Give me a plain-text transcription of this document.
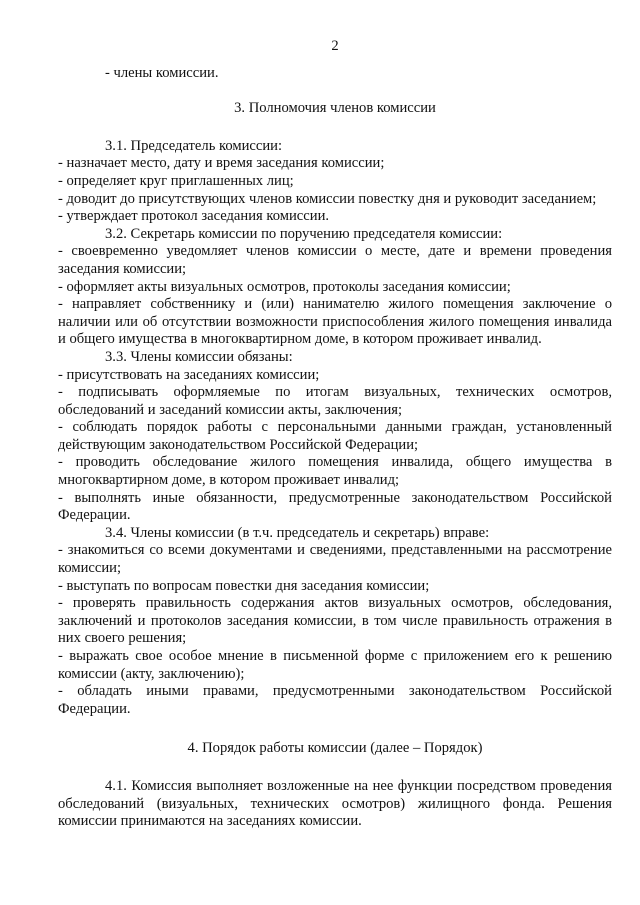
2

- члены комиссии.

3. Полномочия членов комиссии

3.1. Председатель комиссии:

- назначает место, дату и время заседания комиссии;

- определяет круг приглашенных лиц;

- доводит до присутствующих членов комиссии повестку дня и руководит заседанием;

- утверждает протокол заседания комиссии.

3.2. Секретарь комиссии по поручению председателя комиссии:

- своевременно уведомляет членов комиссии о месте, дате и времени проведения заседания комиссии;

- оформляет акты визуальных осмотров, протоколы заседания комиссии;

- направляет собственнику и (или) нанимателю жилого помещения заключение о наличии или об отсутствии возможности приспособления жилого помещения инвалида и общего имущества в многоквартирном доме, в котором проживает инвалид.

3.3. Члены комиссии обязаны:

- присутствовать на заседаниях комиссии;

- подписывать оформляемые по итогам визуальных, технических осмотров, обследований и заседаний комиссии акты, заключения;

- соблюдать порядок работы с персональными данными граждан, установленный действующим законодательством Российской Федерации;

- проводить обследование жилого помещения инвалида, общего имущества в многоквартирном доме, в котором проживает инвалид;

- выполнять иные обязанности, предусмотренные законодательством Российской Федерации.

3.4. Члены комиссии (в т.ч. председатель и секретарь) вправе:

- знакомиться со всеми документами и сведениями, представленными на рассмотрение комиссии;

- выступать по вопросам повестки дня заседания комиссии;

- проверять правильность содержания актов визуальных осмотров, обследования, заключений и протоколов заседания комиссии, в том числе правильность отражения в них своего решения;

- выражать свое особое мнение в письменной форме с приложением его к решению комиссии (акту, заключению);

- обладать иными правами, предусмотренными законодательством Российской Федерации.

4. Порядок работы комиссии (далее – Порядок)

4.1. Комиссия выполняет возложенные на нее функции посредством проведения обследований (визуальных, технических осмотров) жилищного фонда. Решения комиссии принимаются на заседаниях комиссии.
